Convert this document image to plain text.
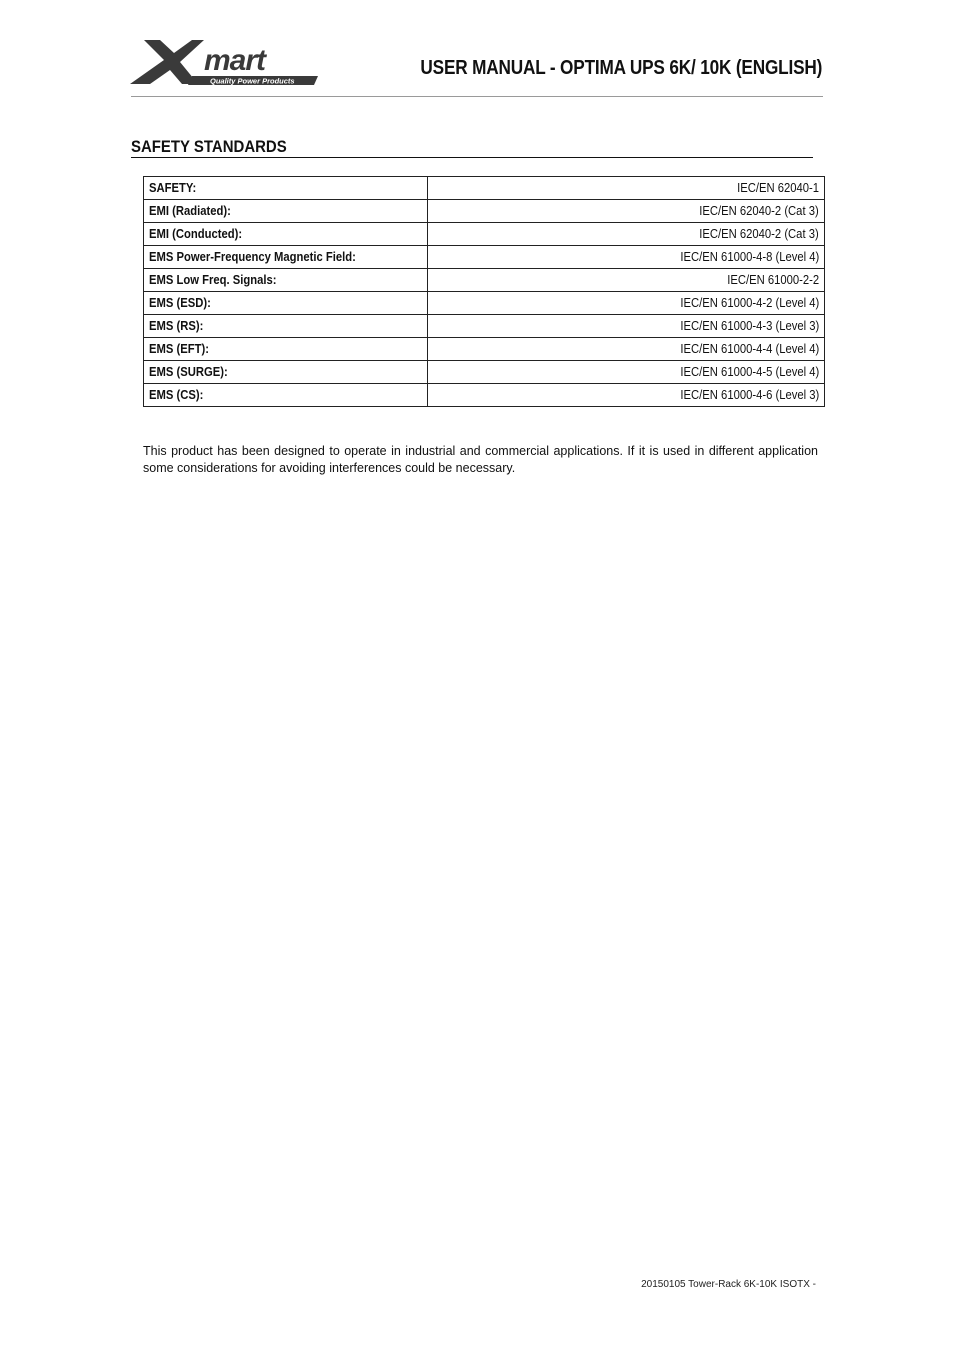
mart
Quality Power Products
USER MANUAL - OPTIMA UPS 6K/ 10K (ENGLISH)
SAFETY STANDARDS
SAFETY:	IEC/EN 62040-1
EMI (Radiated):	IEC/EN 62040-2 (Cat 3)
EMI (Conducted):	IEC/EN 62040-2 (Cat 3)
EMS Power-Frequency Magnetic Field:	IEC/EN 61000-4-8 (Level 4)
EMS Low Freq. Signals:	IEC/EN 61000-2-2
EMS (ESD):	IEC/EN 61000-4-2 (Level 4)
EMS (RS):	IEC/EN 61000-4-3 (Level 3)
EMS (EFT):	IEC/EN 61000-4-4 (Level 4)
EMS (SURGE):	IEC/EN 61000-4-5 (Level 4)
EMS (CS):	IEC/EN 61000-4-6 (Level 3)

This product has been designed to operate in industrial and commercial applications. If it is used in different application some considerations for avoiding interferences could be necessary.

20150105 Tower-Rack 6K-10K ISOTX -
